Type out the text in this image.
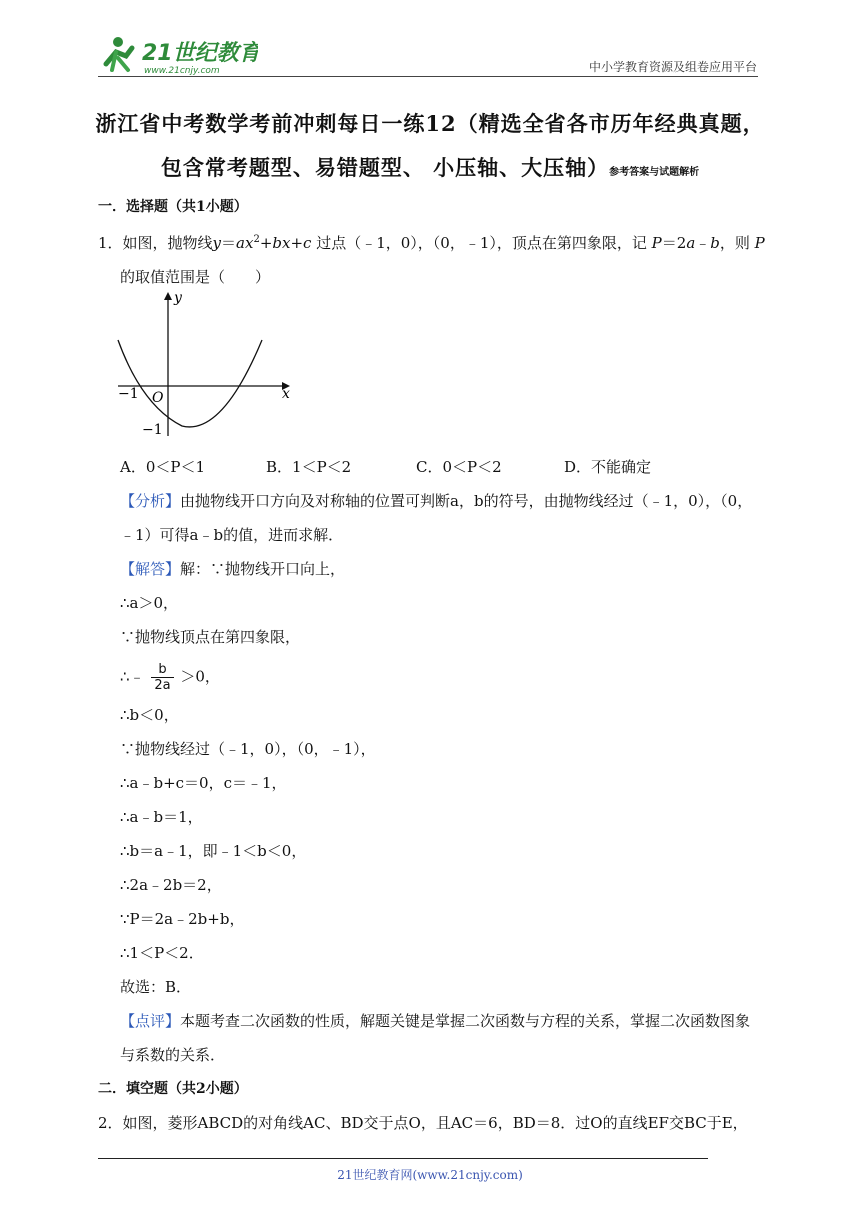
21世纪教育
www.21cnjy.com	中小学教育资源及组卷应用平台
浙江省中考数学考前冲刺每日一练12（精选全省各市历年经典真题，
包含常考题型、易错题型、 小压轴、大压轴）参考答案与试题解析
一．选择题（共1小题）
1．如图，抛物线$y=ax^2+bx+c$ 过点（﹣1，0），（0，﹣1），顶点在第四象限，记 P＝2a﹣b，则 P
的取值范围是（　　）
y
x
O
−1
−1
A．0＜P＜1	B．1＜P＜2	C．0＜P＜2	D．不能确定
【分析】由抛物线开口方向及对称轴的位置可判断a，b的符号，由抛物线经过（﹣1，0），（0，
﹣1）可得a﹣b的值，进而求解．
【解答】解：∵抛物线开口向上，
∴a＞0，
∵抛物线顶点在第四象限，
∴﹣ $\frac{b}{2a} >0$，
∴b＜0，
∵抛物线经过（﹣1，0），（0，﹣1），
∴a﹣b+c＝0，c＝﹣1，
∴a﹣b＝1，
∴b＝a﹣1，即﹣1＜b＜0，
∴2a﹣2b＝2，
∵P＝2a﹣2b+b，
∴1＜P＜2．
故选：B．
【点评】本题考查二次函数的性质，解题关键是掌握二次函数与方程的关系，掌握二次函数图象
与系数的关系．
二．填空题（共2小题）
2．如图，菱形ABCD的对角线AC、BD交于点O，且AC＝6，BD＝8．过O的直线EF交BC于E，
21世纪教育网(www.21cnjy.com)
